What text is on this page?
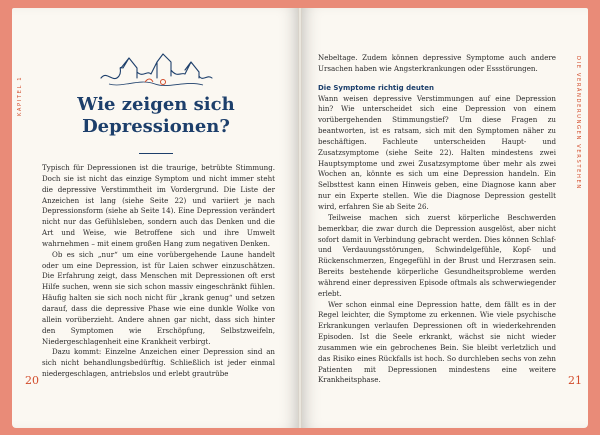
KAPITEL 1	Wie zeigen sich
Depressionen?

Typisch für Depressionen ist die traurige, betrübte Stimmung. Doch sie ist nicht das einzige Symptom und nicht immer steht die depressive Verstimmtheit im Vordergrund. Die Liste der Anzeichen ist lang (siehe Seite 22) und variiert je nach Depressionsform (siehe ab Seite 14). Eine Depression verändert nicht nur das Gefühlsleben, sondern auch das Denken und die Art und Weise, wie Betroffene sich und ihre Umwelt wahrnehmen – mit einem großen Hang zum negativen Denken.

Ob es sich „nur“ um eine vorübergehende Laune handelt oder um eine Depression, ist für Laien schwer einzuschätzen. Die Erfahrung zeigt, dass Menschen mit Depressionen oft erst Hilfe suchen, wenn sie sich schon massiv eingeschränkt fühlen. Häufig halten sie sich noch nicht für „krank genug“ und setzen darauf, dass die depressive Phase wie eine dunkle Wolke von allein vorüberzieht. Andere ahnen gar nicht, dass sich hinter den Symptomen wie Erschöpfung, Selbstzweifeln, Niedergeschlagenheit eine Krankheit verbirgt.

Dazu kommt: Einzelne Anzeichen einer Depression sind an sich nicht behandlungsbedürftig. Schließlich ist jeder einmal niedergeschlagen, antriebslos und erlebt grautrübe

20
DIE VERÄNDERUNGEN VERSTEHEN

Nebeltage. Zudem können depressive Symptome auch andere Ursachen haben wie Angsterkrankungen oder Essstörungen.

Die Symptome richtig deuten

Wann weisen depressive Verstimmungen auf eine Depression hin? Wie unterscheidet sich eine Depression von einem vorübergehenden Stimmungstief? Um diese Fragen zu beantworten, ist es ratsam, sich mit den Symptomen näher zu beschäftigen. Fachleute unterscheiden Haupt- und Zusatzsymptome (siehe Seite 22). Halten mindestens zwei Hauptsymptome und zwei Zusatzsymptome über mehr als zwei Wochen an, könnte es sich um eine Depression handeln. Ein Selbsttest kann einen Hinweis geben, eine Diagnose kann aber nur ein Experte stellen. Wie die Diagnose Depression gestellt wird, erfahren Sie ab Seite 26.

Teilweise machen sich zuerst körperliche Beschwerden bemerkbar, die zwar durch die Depression ausgelöst, aber nicht sofort damit in Verbindung gebracht werden. Dies können Schlaf- und Verdauungsstörungen, Schwindelgefühle, Kopf- und Rückenschmerzen, Engegefühl in der Brust und Herzrasen sein. Bereits bestehende körperliche Gesundheitsprobleme werden während einer depressiven Episode oftmals als schwerwiegender erlebt.

Wer schon einmal eine Depression hatte, dem fällt es in der Regel leichter, die Symptome zu erkennen. Wie viele psychische Erkrankungen verlaufen Depressionen oft in wiederkehrenden Episoden. Ist die Seele erkrankt, wächst sie nicht wieder zusammen wie ein gebrochenes Bein. Sie bleibt verletzlich und das Risiko eines Rückfalls ist hoch. So durchleben sechs von zehn Patienten mit Depressionen mindestens eine weitere Krankheitsphase.	21
